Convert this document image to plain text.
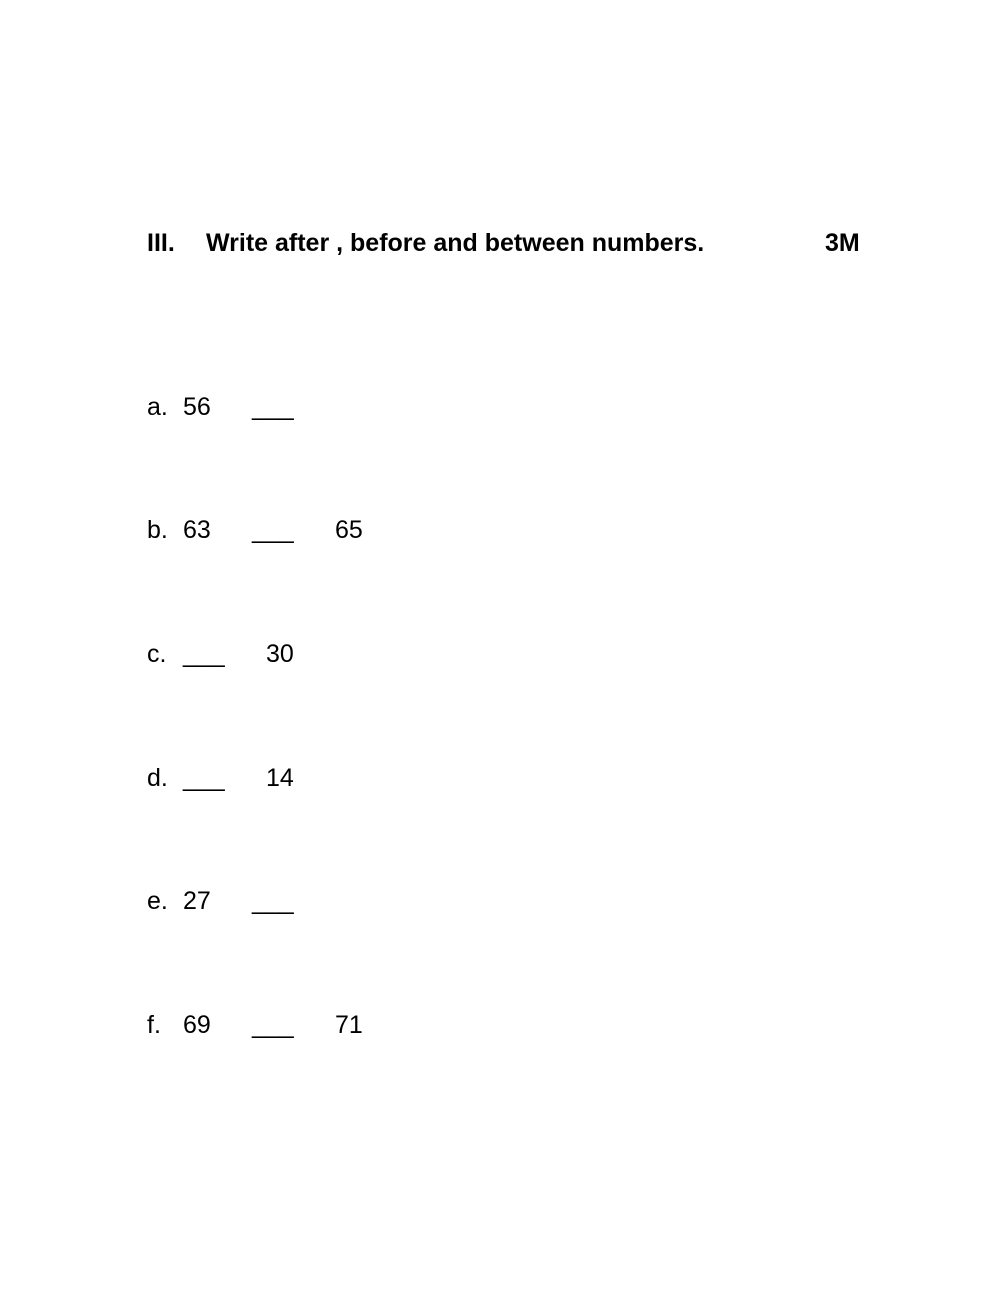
III. Write after , before and between numbers.	3M
a. 56 ___
b. 63 ___ 65
c. ___ 30
d. ___ 14
e. 27 ___
f. 69 ___ 71
